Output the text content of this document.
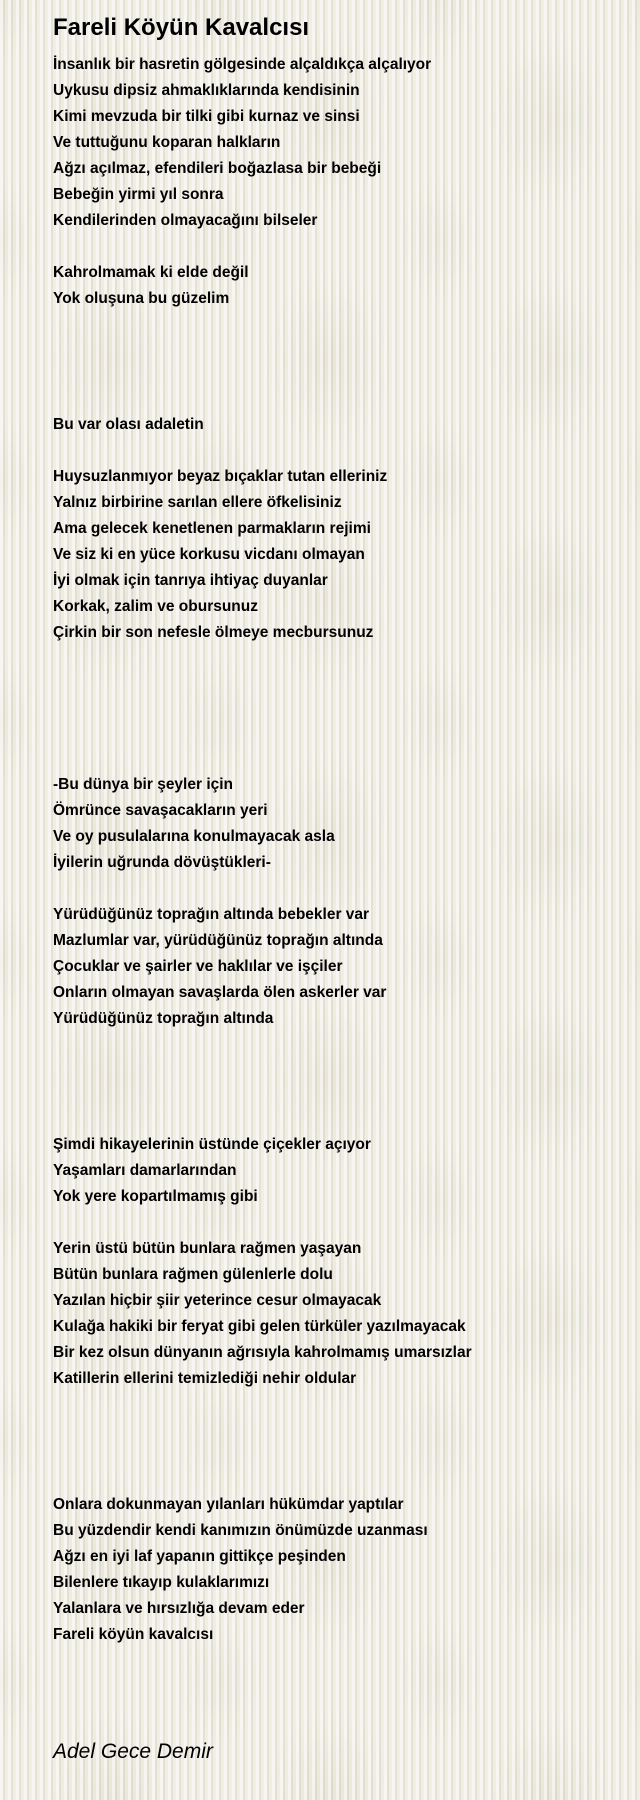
Fareli Köyün Kavalcısı
İnsanlık bir hasretin gölgesinde alçaldıkça alçalıyor
Uykusu dipsiz ahmaklıklarında kendisinin
Kimi mevzuda bir tilki gibi kurnaz ve sinsi
Ve tuttuğunu koparan halkların
Ağzı açılmaz, efendileri boğazlasa bir bebeği
Bebeğin yirmi yıl sonra
Kendilerinden olmayacağını bilseler
Kahrolmamak ki elde değil
Yok oluşuna bu güzelim
Bu var olası adaletin
Huysuzlanmıyor beyaz bıçaklar tutan elleriniz
Yalnız birbirine sarılan ellere öfkelisiniz
Ama gelecek kenetlenen parmakların rejimi
Ve siz ki en yüce korkusu vicdanı olmayan
İyi olmak için tanrıya ihtiyaç duyanlar
Korkak, zalim ve obursunuz
Çirkin bir son nefesle ölmeye mecbursunuz
-Bu dünya bir şeyler için
Ömrünce savaşacakların yeri
Ve oy pusulalarına konulmayacak asla
İyilerin uğrunda dövüştükleri-
Yürüdüğünüz toprağın altında bebekler var
Mazlumlar var, yürüdüğünüz toprağın altında
Çocuklar ve şairler ve haklılar ve işçiler
Onların olmayan savaşlarda ölen askerler var
Yürüdüğünüz toprağın altında
Şimdi hikayelerinin üstünde çiçekler açıyor
Yaşamları damarlarından
Yok yere kopartılmamış gibi
Yerin üstü bütün bunlara rağmen yaşayan
Bütün bunlara rağmen gülenlerle dolu
Yazılan hiçbir şiir yeterince cesur olmayacak
Kulağa hakiki bir feryat gibi gelen türküler yazılmayacak
Bir kez olsun dünyanın ağrısıyla kahrolmamış umarsızlar
Katillerin ellerini temizlediği nehir oldular
Onlara dokunmayan yılanları hükümdar yaptılar
Bu yüzdendir kendi kanımızın önümüzde uzanması
Ağzı en iyi laf yapanın gittikçe peşinden
Bilenlere tıkayıp kulaklarımızı
Yalanlara ve hırsızlığa devam eder
Fareli köyün kavalcısı
Adel Gece Demir
